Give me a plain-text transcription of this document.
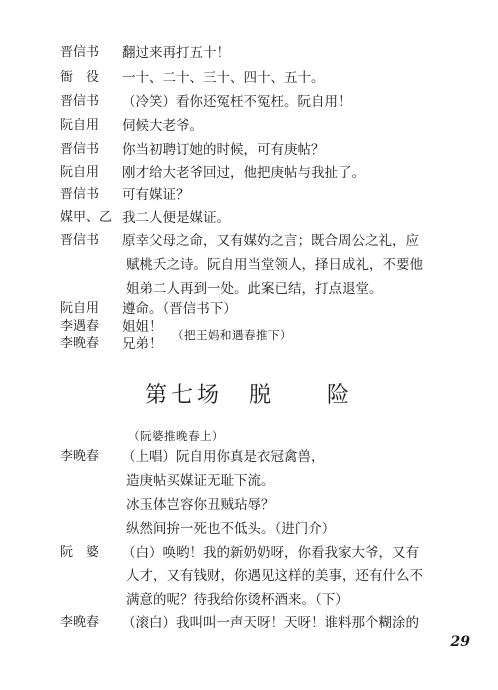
晋信书	翻过来再打五十！
衙　役	一十、二十、三十、四十、五十。
晋信书	（冷笑）看你还冤枉不冤枉。阮自用！
阮自用	伺候大老爷。
晋信书	你当初聘订她的时候，可有庚帖？
阮自用	刚才给大老爷回过，他把庚帖与我扯了。
晋信书	可有媒证？
媒甲、乙 我二人便是媒证。
晋信书	原幸父母之命，又有媒妁之言；既合周公之礼，应
赋桃夭之诗。阮自用当堂领人，择日成礼，不要他
姐弟二人再到一处。此案已结，打点退堂。
阮自用	遵命。（晋信书下）
李遇春	姐姐！ （把王妈和遇春推下）
李晚春	兄弟！
第七场　脱　　险
（阮婆推晚春上）
李晚春	（上唱）阮自用你真是衣冠禽兽，
造庚帖买媒证无耻下流。
冰玉体岂容你丑贼玷辱？
纵然间拚一死也不低头。（进门介）
阮　婆	（白）唤哟！我的新奶奶呀，你看我家大爷，又有
人才，又有钱财，你遇见这样的美事，还有什么不
满意的呢？待我给你烫杯酒来。（下）
李晚春	（滚白）我叫叫一声天呀！天呀！谁料那个糊涂的
29
